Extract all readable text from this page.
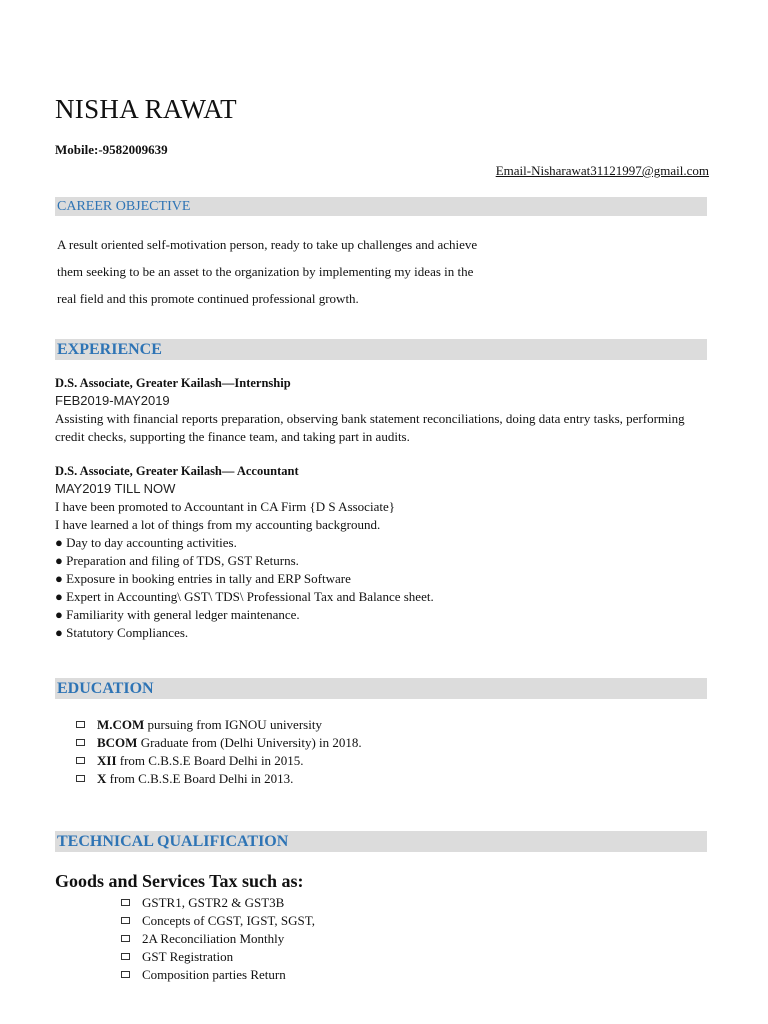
NISHA RAWAT
Mobile:-9582009639
Email-Nisharawat31121997@gmail.com
CAREER OBJECTIVE
A result oriented self-motivation person, ready to take up challenges and achieve
them seeking to be an asset to the organization by implementing my ideas in the
real field and this promote continued professional growth.
EXPERIENCE
D.S. Associate, Greater Kailash—Internship
FEB2019-MAY2019
Assisting with financial reports preparation, observing bank statement reconciliations, doing data entry tasks, performing credit checks, supporting the finance team, and taking part in audits.
D.S. Associate, Greater Kailash— Accountant
MAY2019 TILL NOW
I have been promoted to Accountant in CA Firm {D S Associate}
I have learned a lot of things from my accounting background.
● Day to day accounting activities.
● Preparation and filing of TDS, GST Returns.
● Exposure in booking entries in tally and ERP Software
● Expert in Accounting\ GST\ TDS\ Professional Tax and Balance sheet.
● Familiarity with general ledger maintenance.
● Statutory Compliances.
EDUCATION
M.COM pursuing from IGNOU university
BCOM Graduate from (Delhi University) in 2018.
XII from C.B.S.E Board Delhi in 2015.
X from C.B.S.E Board Delhi in 2013.
TECHNICAL QUALIFICATION
Goods and Services Tax such as:
GSTR1, GSTR2 & GST3B
Concepts of CGST, IGST, SGST,
2A Reconciliation Monthly
GST Registration
Composition parties Return
